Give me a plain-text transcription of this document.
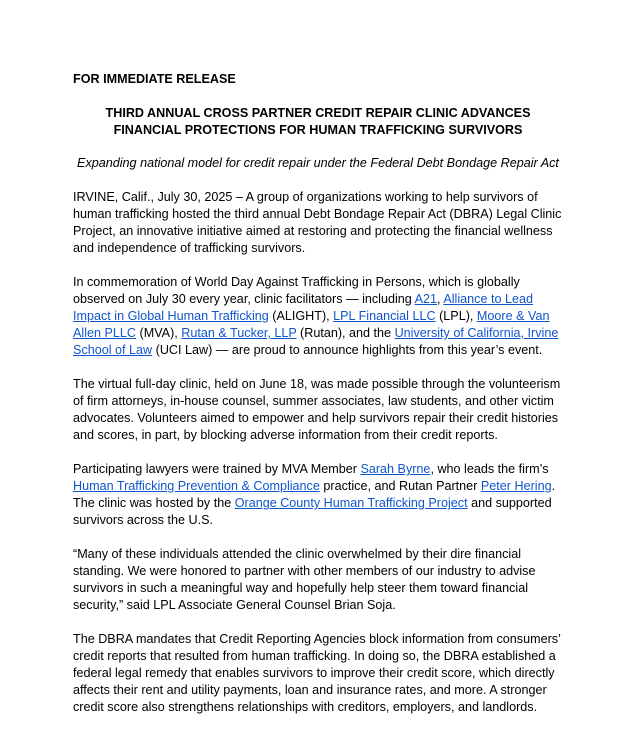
FOR IMMEDIATE RELEASE
THIRD ANNUAL CROSS PARTNER CREDIT REPAIR CLINIC ADVANCES
FINANCIAL PROTECTIONS FOR HUMAN TRAFFICKING SURVIVORS
Expanding national model for credit repair under the Federal Debt Bondage Repair Act
IRVINE, Calif., July 30, 2025 – A group of organizations working to help survivors of
human trafficking hosted the third annual Debt Bondage Repair Act (DBRA) Legal Clinic
Project, an innovative initiative aimed at restoring and protecting the financial wellness
and independence of trafficking survivors.
In commemoration of World Day Against Trafficking in Persons, which is globally
observed on July 30 every year, clinic facilitators — including A21, Alliance to Lead
Impact in Global Human Trafficking (ALIGHT), LPL Financial LLC (LPL), Moore & Van
Allen PLLC (MVA), Rutan & Tucker, LLP (Rutan), and the University of California, Irvine
School of Law (UCI Law) — are proud to announce highlights from this year’s event.
The virtual full-day clinic, held on June 18, was made possible through the volunteerism
of firm attorneys, in-house counsel, summer associates, law students, and other victim
advocates. Volunteers aimed to empower and help survivors repair their credit histories
and scores, in part, by blocking adverse information from their credit reports.
Participating lawyers were trained by MVA Member Sarah Byrne, who leads the firm’s
Human Trafficking Prevention & Compliance practice, and Rutan Partner Peter Hering.
The clinic was hosted by the Orange County Human Trafficking Project and supported
survivors across the U.S.
“Many of these individuals attended the clinic overwhelmed by their dire financial
standing. We were honored to partner with other members of our industry to advise
survivors in such a meaningful way and hopefully help steer them toward financial
security,” said LPL Associate General Counsel Brian Soja.
The DBRA mandates that Credit Reporting Agencies block information from consumers’
credit reports that resulted from human trafficking. In doing so, the DBRA established a
federal legal remedy that enables survivors to improve their credit score, which directly
affects their rent and utility payments, loan and insurance rates, and more. A stronger
credit score also strengthens relationships with creditors, employers, and landlords.
